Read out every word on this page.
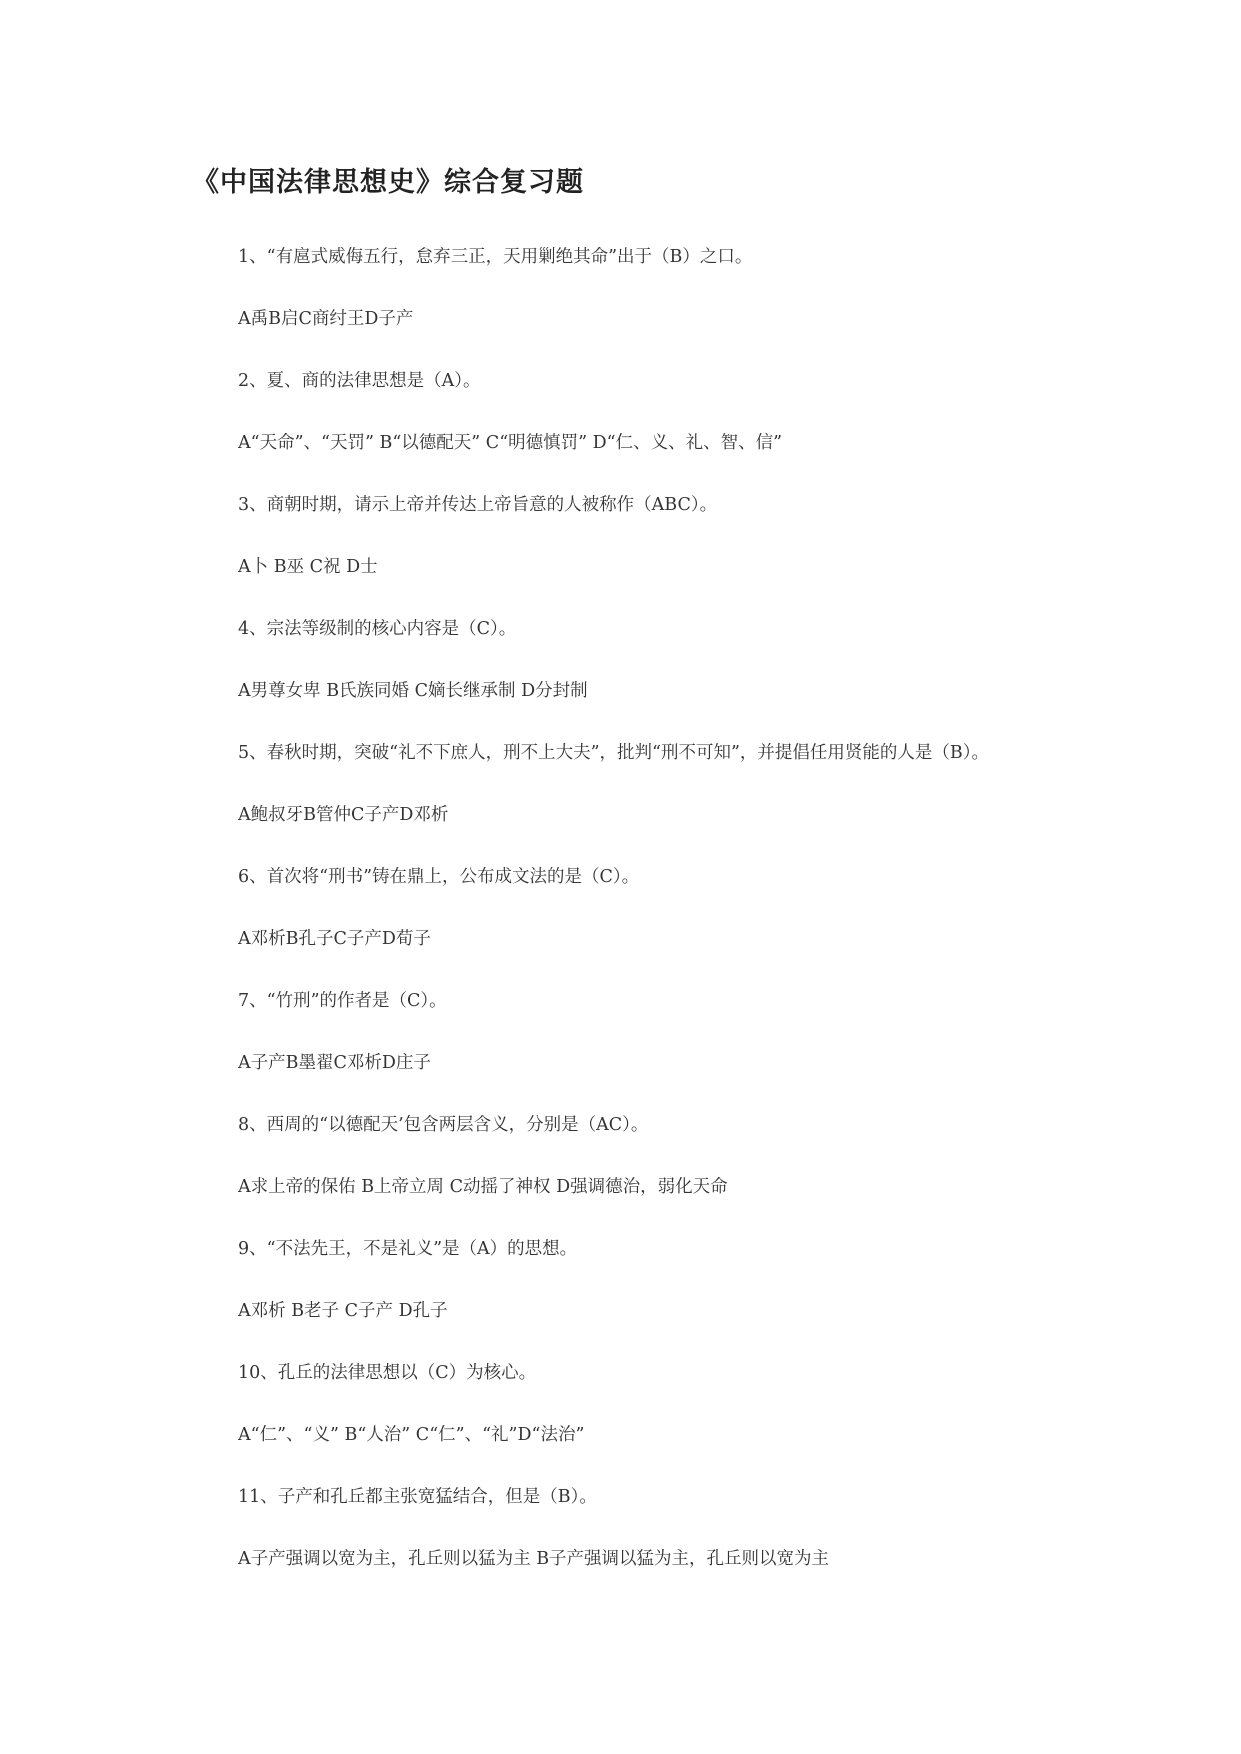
《中国法律思想史》综合复习题
1、“有扈式威侮五行，怠弃三正，天用剿绝其命”出于（B）之口。
A禹B启C商纣王D子产
2、夏、商的法律思想是（A）。
A“天命”、“天罚” B“以德配天” C“明德慎罚” D“仁、义、礼、智、信”
3、商朝时期，请示上帝并传达上帝旨意的人被称作（ABC）。
A卜 B巫 C祝 D士
4、宗法等级制的核心内容是（C）。
A男尊女卑 B氏族同婚 C嫡长继承制 D分封制
5、春秋时期，突破“礼不下庶人，刑不上大夫”，批判“刑不可知”，并提倡任用贤能的人是（B）。
A鲍叔牙B管仲C子产D邓析
6、首次将“刑书”铸在鼎上，公布成文法的是（C）。
A邓析B孔子C子产D荀子
7、“竹刑”的作者是（C）。
A子产B墨翟C邓析D庄子
8、西周的“以德配天’包含两层含义，分别是（AC）。
A求上帝的保佑 B上帝立周 C动摇了神权 D强调德治，弱化天命
9、“不法先王，不是礼义”是（A）的思想。
A邓析 B老子 C子产 D孔子
10、孔丘的法律思想以（C）为核心。
A“仁”、“义” B“人治” C“仁”、“礼”D“法治”
11、子产和孔丘都主张宽猛结合，但是（B）。
A子产强调以宽为主，孔丘则以猛为主 B子产强调以猛为主，孔丘则以宽为主
